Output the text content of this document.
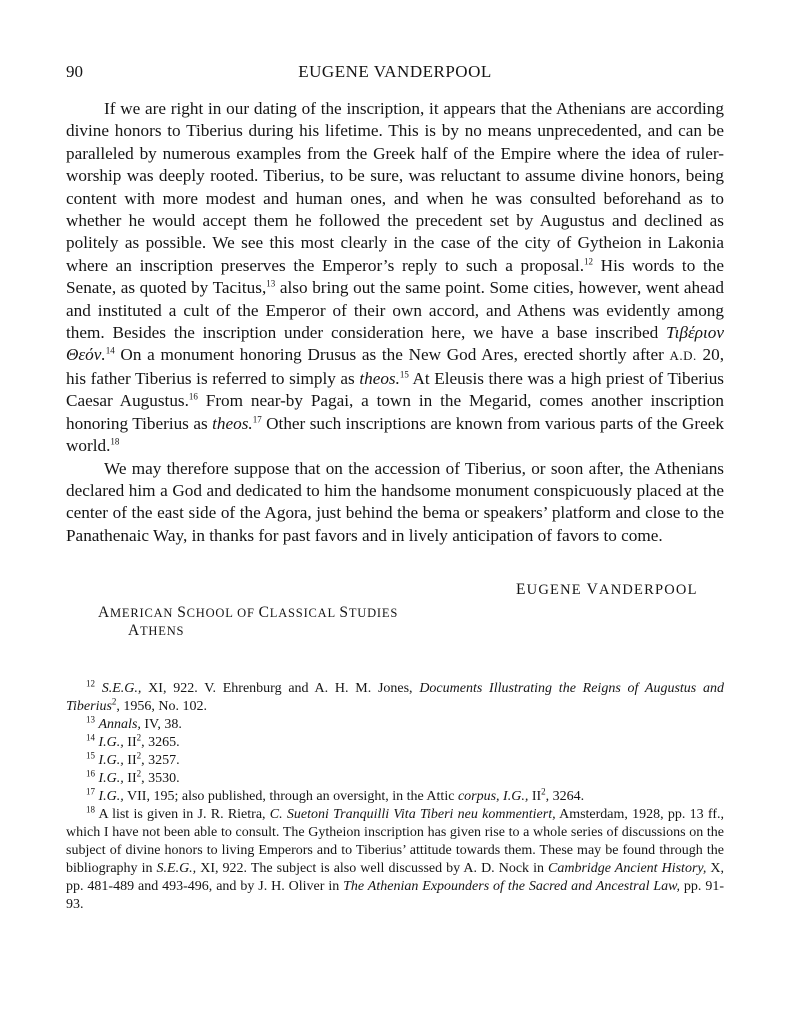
90	EUGENE VANDERPOOL

If we are right in our dating of the inscription, it appears that the Athenians are according divine honors to Tiberius during his lifetime. This is by no means unprecedented, and can be paralleled by numerous examples from the Greek half of the Empire where the idea of ruler-worship was deeply rooted. Tiberius, to be sure, was reluctant to assume divine honors, being content with more modest and human ones, and when he was consulted beforehand as to whether he would accept them he followed the precedent set by Augustus and declined as politely as possible. We see this most clearly in the case of the city of Gytheion in Lakonia where an inscription preserves the Emperor’s reply to such a proposal.$^{12}$ His words to the Senate, as quoted by Tacitus,$^{13}$ also bring out the same point. Some cities, however, went ahead and instituted a cult of the Emperor of their own accord, and Athens was evidently among them. Besides the inscription under consideration here, we have a base inscribed Τιβέριον Θεόν.$^{14}$ On a monument honoring Drusus as the New God Ares, erected shortly after A.D. 20, his father Tiberius is referred to simply as theos.$^{15}$ At Eleusis there was a high priest of Tiberius Caesar Augustus.$^{16}$ From near-by Pagai, a town in the Megarid, comes another inscription honoring Tiberius as theos.$^{17}$ Other such inscriptions are known from various parts of the Greek world.$^{18}$

We may therefore suppose that on the accession of Tiberius, or soon after, the Athenians declared him a God and dedicated to him the handsome monument conspicuously placed at the center of the east side of the Agora, just behind the bema or speakers’ platform and close to the Panathenaic Way, in thanks for past favors and in lively anticipation of favors to come.

EUGENE VANDERPOOL
AMERICAN SCHOOL OF CLASSICAL STUDIES
ATHENS

$^{12}$ S.E.G., XI, 922. V. Ehrenburg and A. H. M. Jones, Documents Illustrating the Reigns of Augustus and Tiberius$^2$, 1956, No. 102.

$^{13}$ Annals, IV, 38.

$^{14}$ I.G., $II^2$, 3265.

$^{15}$ I.G., $II^2$, 3257.

$^{16}$ I.G., $II^2$, 3530.

$^{17}$ I.G., VII, 195; also published, through an oversight, in the Attic corpus, I.G., $II^2$, 3264.

$^{18}$ A list is given in J. R. Rietra, C. Suetoni Tranquilli Vita Tiberi neu kommentiert, Amsterdam, 1928, pp. 13 ff., which I have not been able to consult. The Gytheion inscription has given rise to a whole series of discussions on the subject of divine honors to living Emperors and to Tiberius’ attitude towards them. These may be found through the bibliography in S.E.G., XI, 922. The subject is also well discussed by A. D. Nock in Cambridge Ancient History, X, pp. 481-489 and 493-496, and by J. H. Oliver in The Athenian Expounders of the Sacred and Ancestral Law, pp. 91-93.
